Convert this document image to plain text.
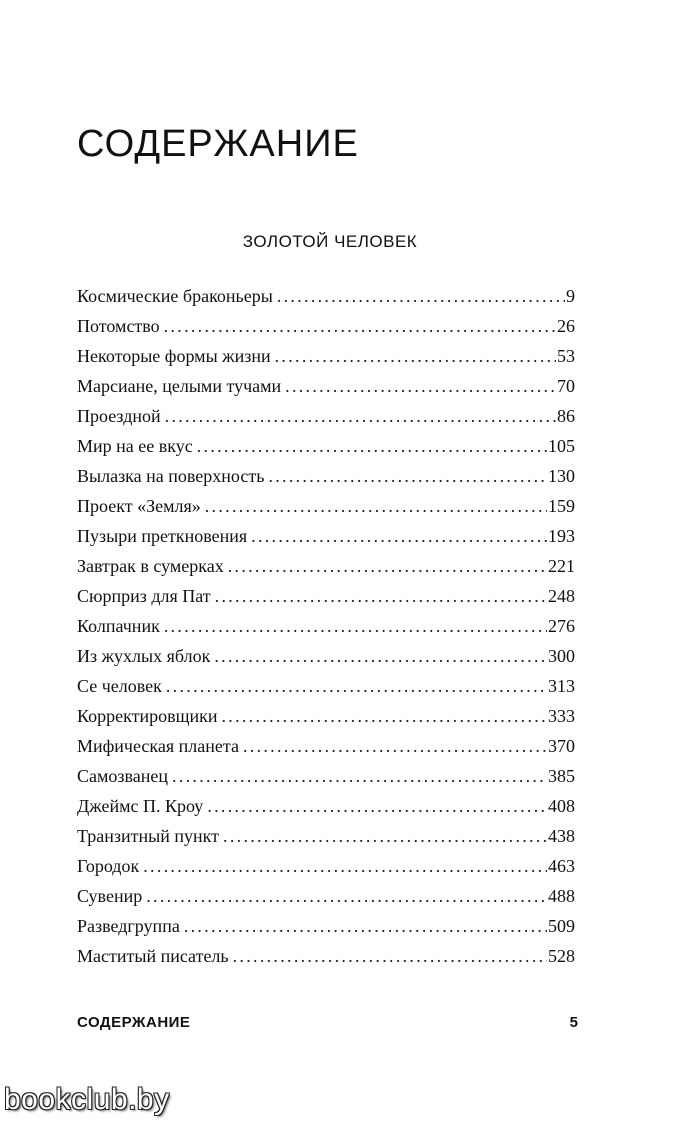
СОДЕРЖАНИЕ
ЗОЛОТОЙ ЧЕЛОВЕК
Космические браконьеры .....	9
Потомство .....	26
Некоторые формы жизни .....	53
Марсиане, целыми тучами .....	70
Проездной .....	86
Мир на ее вкус .....	105
Вылазка на поверхность .....	130
Проект «Земля» .....	159
Пузыри преткновения .....	193
Завтрак в сумерках .....	221
Сюрприз для Пат .....	248
Колпачник .....	276
Из жухлых яблок .....	300
Се человек .....	313
Корректировщики .....	333
Мифическая планета .....	370
Самозванец .....	385
Джеймс П. Кроу .....	408
Транзитный пункт .....	438
Городок .....	463
Сувенир .....	488
Разведгруппа .....	509
Маститый писатель .....	528
СОДЕРЖАНИЕ	5
bookclub.by
